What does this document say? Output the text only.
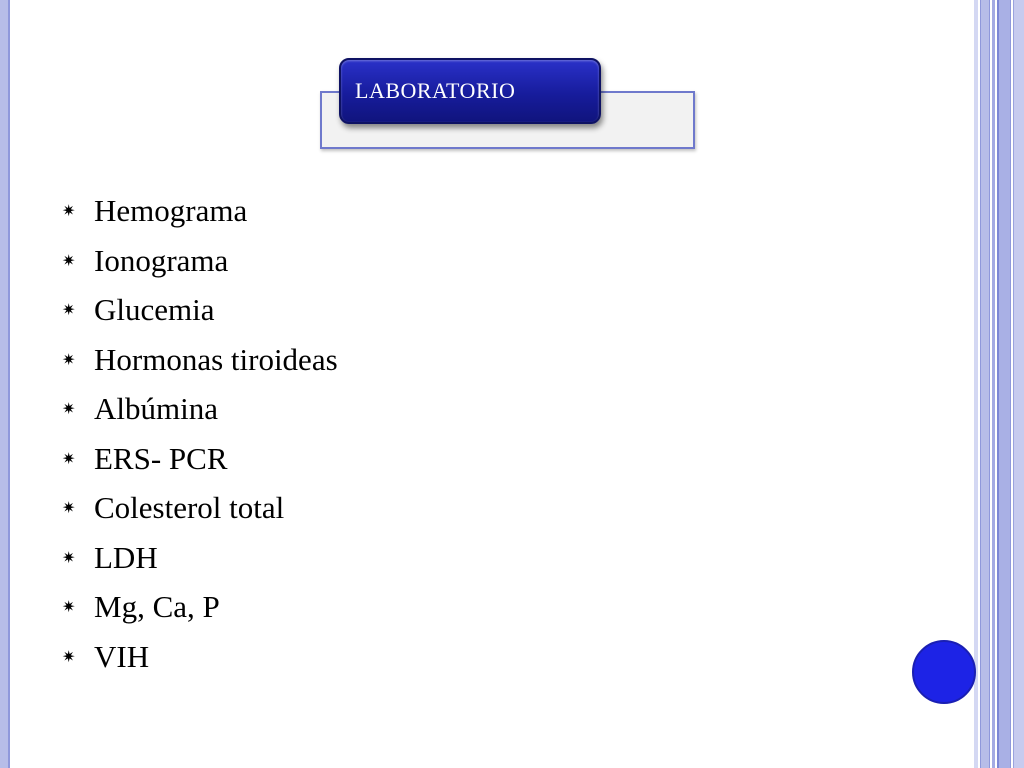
LABORATORIO
✷ Hemograma
✷ Ionograma
✷ Glucemia
✷ Hormonas tiroideas
✷ Albúmina
✷ ERS- PCR
✷ Colesterol total
✷ LDH
✷ Mg, Ca, P
✷ VIH
